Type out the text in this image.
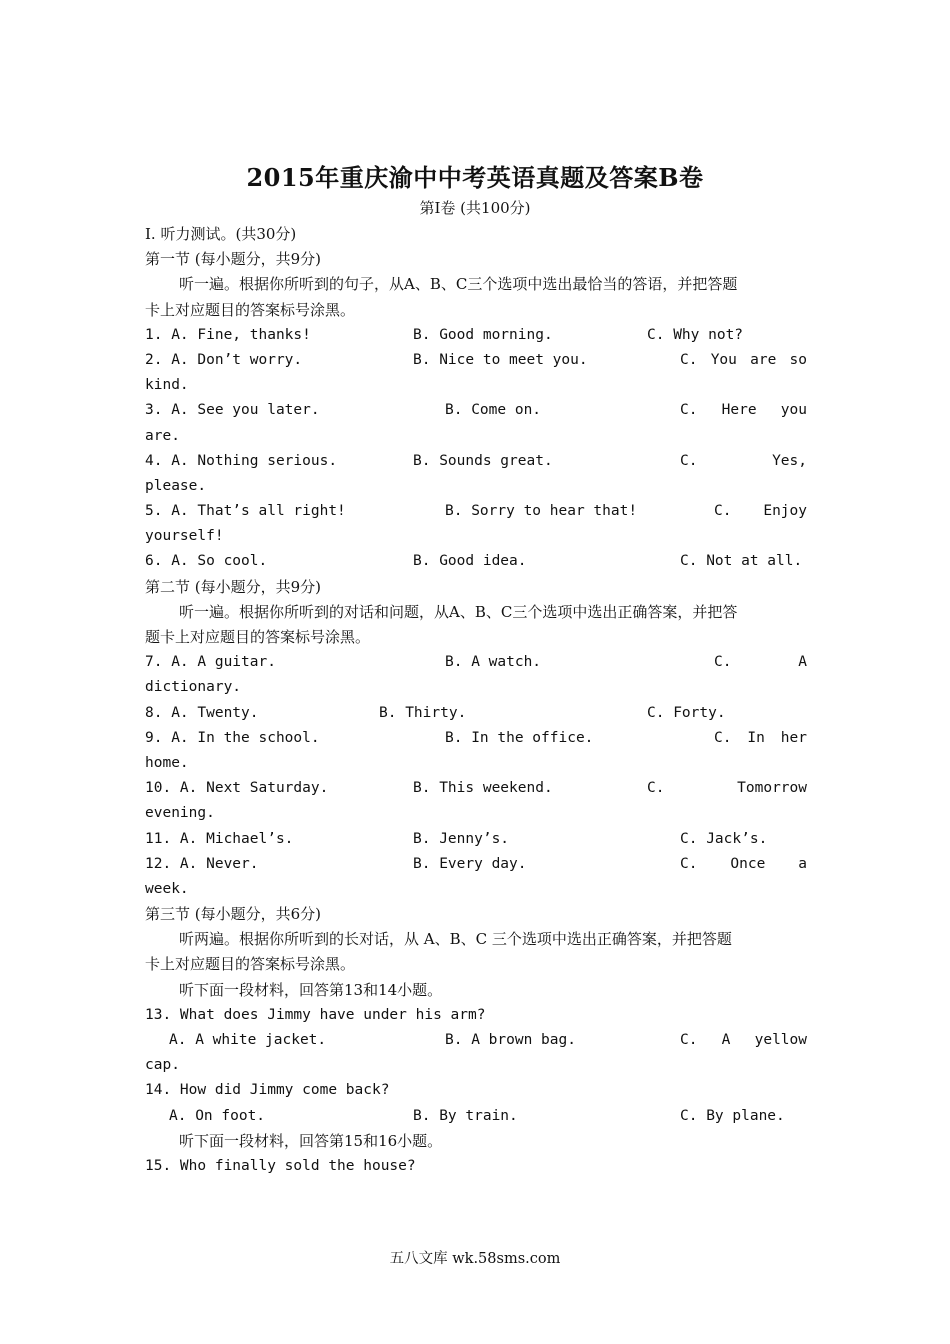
2015年重庆渝中中考英语真题及答案B卷
第Ⅰ卷 (共100分)
I. 听力测试。(共30分)
第一节 (每小题分，共9分)
听一遍。根据你所听到的句子，从A、B、C三个选项中选出最恰当的答语，并把答题
卡上对应题目的答案标号涂黑。
1. A. Fine, thanks!	B. Good morning.	C. Why not?
2. A. Don’t worry.	B. Nice to meet you.	C. You are so
kind.
3. A. See you later.	B. Come on.	C. Here you
are.
4. A. Nothing serious.	B. Sounds great.	C.	Yes,
please.
5. A. That’s all right!	B. Sorry to hear that!	C. Enjoy
yourself!
6. A. So cool.	B. Good idea.	C. Not at all.
第二节 (每小题分，共9分)
听一遍。根据你所听到的对话和问题，从A、B、C三个选项中选出正确答案，并把答
题卡上对应题目的答案标号涂黑。
7. A. A guitar.	B. A watch.	C.	A
dictionary.
8. A. Twenty.	B. Thirty.	C. Forty.
9. A. In the school.	B. In the office.	C. In her
home.
10. A. Next Saturday.	B. This weekend.	C.	Tomorrow
evening.
11. A. Michael’s.	B. Jenny’s.	C. Jack’s.
12. A. Never.	B. Every day.	C. Once a
week.
第三节 (每小题分，共6分)
听两遍。根据你所听到的长对话，从 A、B、C 三个选项中选出正确答案，并把答题
卡上对应题目的答案标号涂黑。
听下面一段材料，回答第13和14小题。
13. What does Jimmy have under his arm?
A. A white jacket.	B. A brown bag.	C. A yellow
cap.
14. How did Jimmy come back?
A. On foot.	B. By train.	C. By plane.
听下面一段材料，回答第15和16小题。
15. Who finally sold the house?
五八文库 wk.58sms.com
